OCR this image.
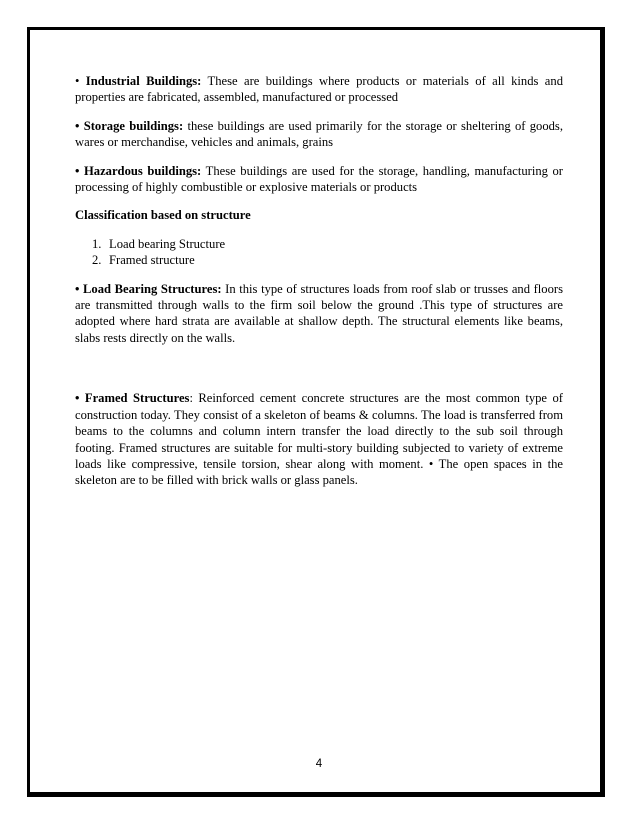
• Industrial Buildings: These are buildings where products or materials of all kinds and properties are fabricated, assembled, manufactured or processed

• Storage buildings: these buildings are used primarily for the storage or sheltering of goods, wares or merchandise, vehicles and animals, grains

• Hazardous buildings: These buildings are used for the storage, handling, manufacturing or processing of highly combustible or explosive materials or products

Classification based on structure

1. Load bearing Structure
2. Framed structure

• Load Bearing Structures: In this type of structures loads from roof slab or trusses and floors are transmitted through walls to the firm soil below the ground .This type of structures are adopted where hard strata are available at shallow depth. The structural elements like beams, slabs rests directly on the walls.

• Framed Structures: Reinforced cement concrete structures are the most common type of construction today. They consist of a skeleton of beams & columns. The load is transferred from beams to the columns and column intern transfer the load directly to the sub soil through footing. Framed structures are suitable for multi-story building subjected to variety of extreme loads like compressive, tensile torsion, shear along with moment. • The open spaces in the skeleton are to be filled with brick walls or glass panels.

4
